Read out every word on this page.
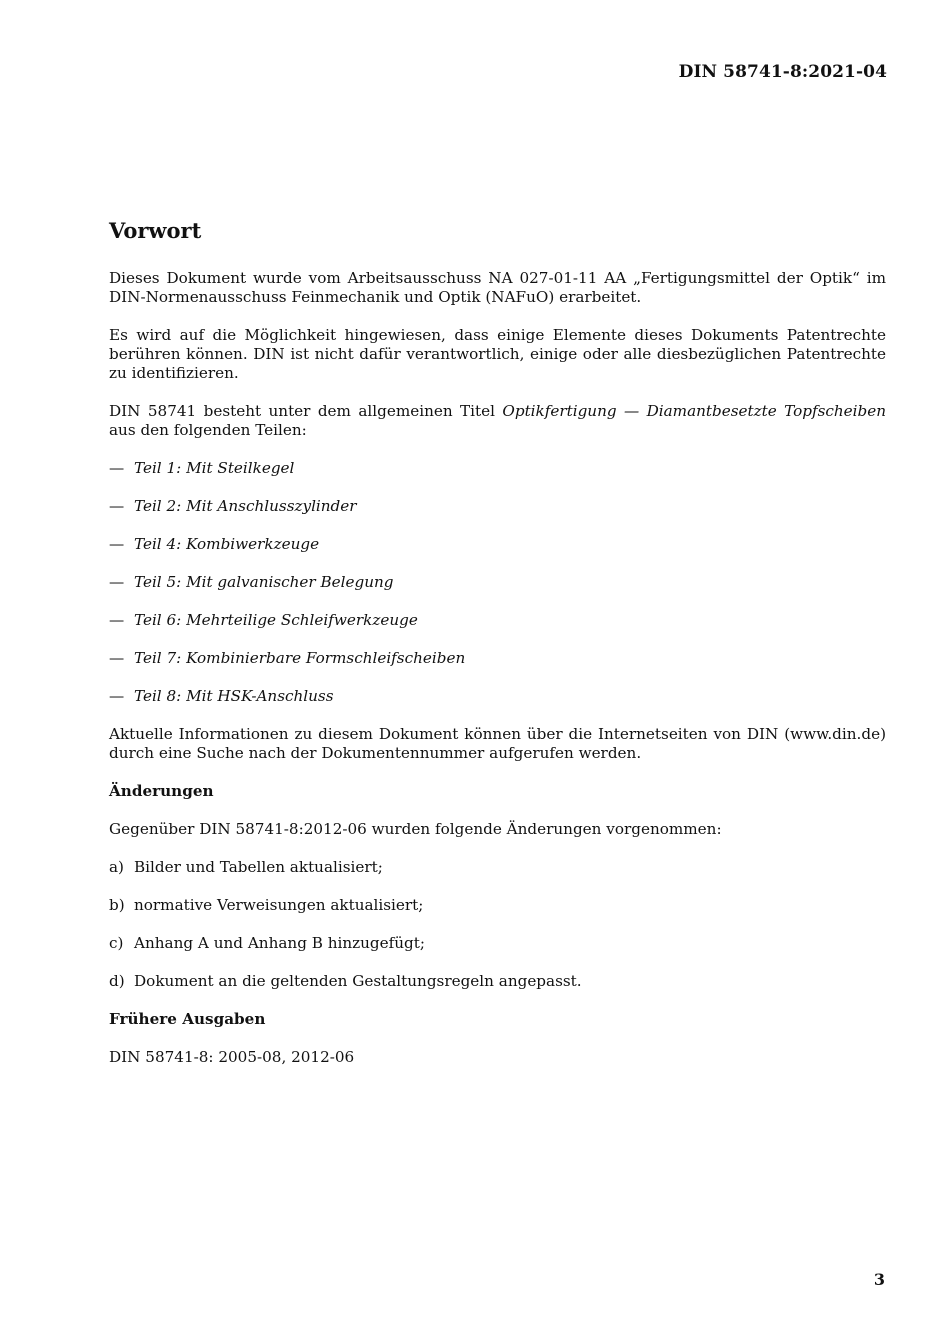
DIN 58741-8:2021-04
Vorwort

Dieses Dokument wurde vom Arbeitsausschuss NA 027-01-11 AA „Fertigungsmittel der Optik“ im DIN-Normenausschuss Feinmechanik und Optik (NAFuO) erarbeitet.

Es wird auf die Möglichkeit hingewiesen, dass einige Elemente dieses Dokuments Patentrechte berühren können. DIN ist nicht dafür verantwortlich, einige oder alle diesbezüglichen Patentrechte zu identifizieren.

DIN 58741 besteht unter dem allgemeinen Titel Optikfertigung — Diamantbesetzte Topfscheiben aus den folgenden Teilen:

— Teil 1: Mit Steilkegel
— Teil 2: Mit Anschlusszylinder
— Teil 4: Kombiwerkzeuge
— Teil 5: Mit galvanischer Belegung
— Teil 6: Mehrteilige Schleifwerkzeuge
— Teil 7: Kombinierbare Formschleifscheiben
— Teil 8: Mit HSK-Anschluss

Aktuelle Informationen zu diesem Dokument können über die Internetseiten von DIN (www.din.de) durch eine Suche nach der Dokumentennummer aufgerufen werden.

Änderungen

Gegenüber DIN 58741-8:2012-06 wurden folgende Änderungen vorgenommen:

a) Bilder und Tabellen aktualisiert;
b) normative Verweisungen aktualisiert;
c) Anhang A und Anhang B hinzugefügt;
d) Dokument an die geltenden Gestaltungsregeln angepasst.
Frühere Ausgaben

DIN 58741-8: 2005-08, 2012-06

3
